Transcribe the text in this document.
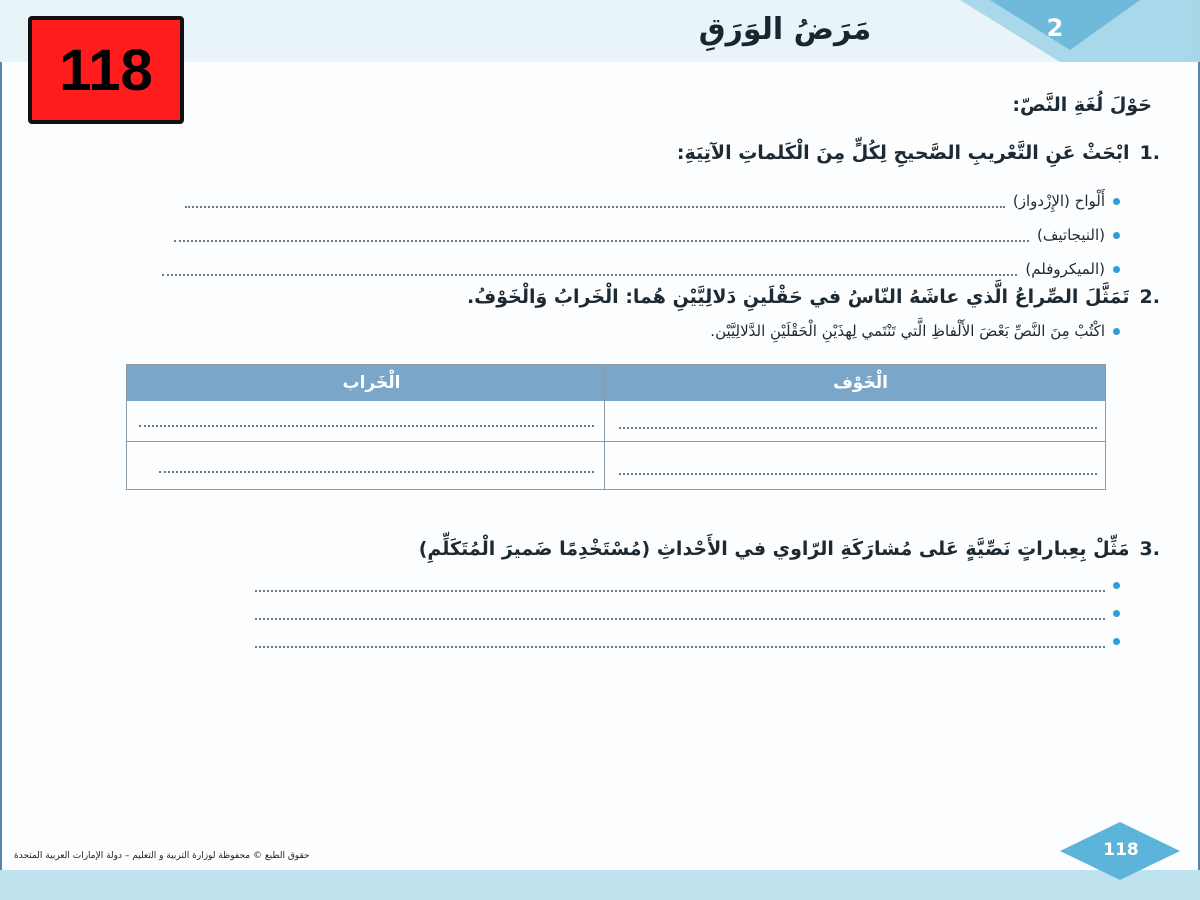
2
مَرَضُ الوَرَقِ
118
حَوْلَ لُغَةِ النَّصّ:
1.
ابْحَثْ عَنِ التَّعْريبِ الصَّحيحِ لِكُلٍّ مِنَ الْكَلماتِ الآتِيَةِ:
أَلْواح (الإِزْدواز)
(النيجاتيف)
(الميكروفلم)
2.
تَمَثَّلَ الصِّراعُ الَّذي عاشَهُ النّاسُ في حَقْلَينِ دَلالِيَّيْنِ هُما: الْخَرابُ وَالْخَوْفُ.
اكْتُبْ مِنَ النَّصِّ بَعْضَ الأَلْفاظِ الَّتي تَنْتَمي لِهذَيْنِ الْحَقْلَيْنِ الدَّلالِيَّيْن.
الْخَراب	الْخَوْف
3.
مَثِّلْ بِعِباراتٍ نَصِّيَّةٍ عَلى مُشارَكَةِ الرّاوي في الأَحْداثِ (مُسْتَخْدِمًا ضَميرَ الْمُتَكَلِّمِ)
حقوق الطبع © محفوظة لوزارة التربية و التعليم – دولة الإمارات العربية المتحدة	118
